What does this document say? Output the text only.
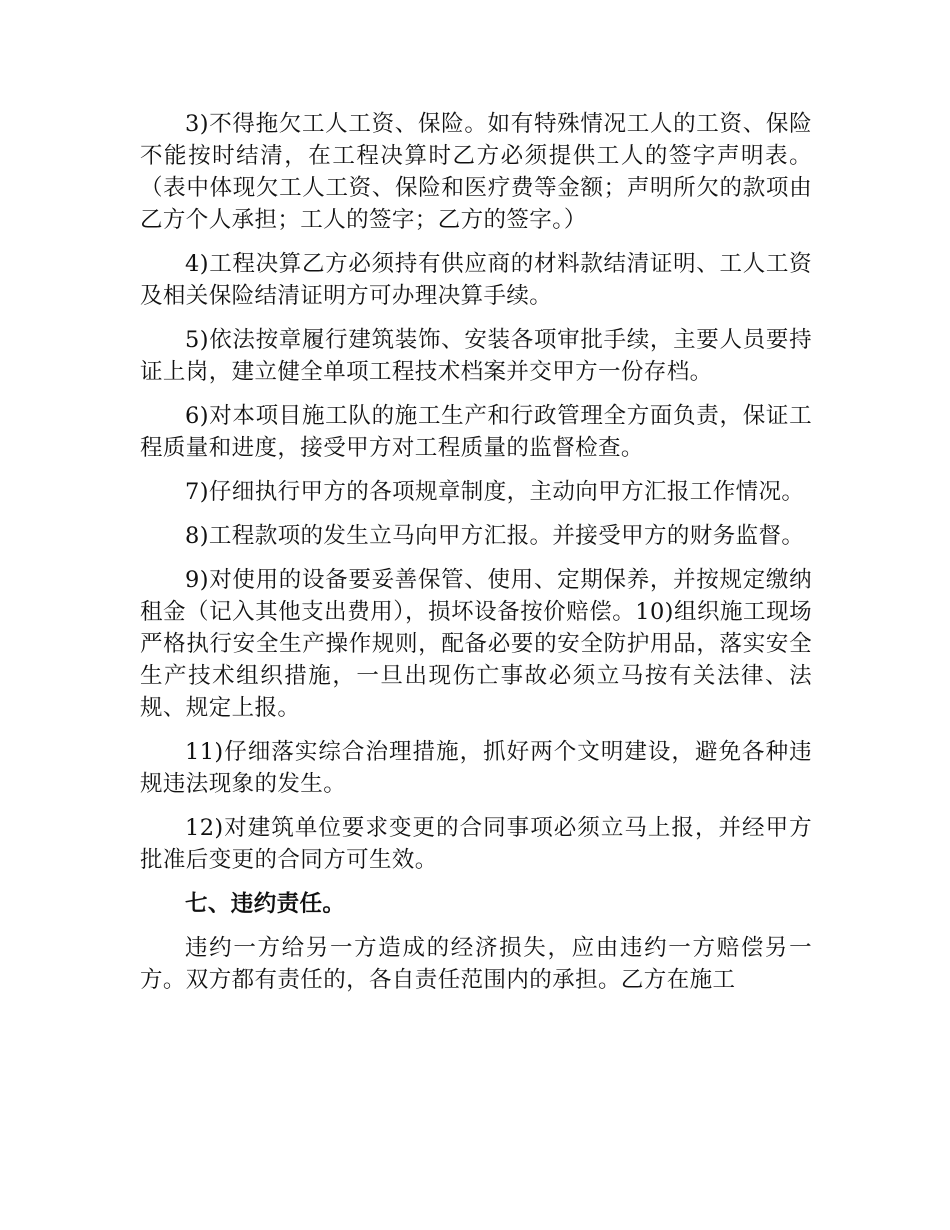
3)不得拖欠工人工资、保险。如有特殊情况工人的工资、保险不能按时结清，在工程决算时乙方必须提供工人的签字声明表。（表中体现欠工人工资、保险和医疗费等金额；声明所欠的款项由乙方个人承担；工人的签字；乙方的签字。）

4)工程决算乙方必须持有供应商的材料款结清证明、工人工资及相关保险结清证明方可办理决算手续。

5)依法按章履行建筑装饰、安装各项审批手续，主要人员要持证上岗，建立健全单项工程技术档案并交甲方一份存档。

6)对本项目施工队的施工生产和行政管理全方面负责，保证工程质量和进度，接受甲方对工程质量的监督检查。

7)仔细执行甲方的各项规章制度，主动向甲方汇报工作情况。

8)工程款项的发生立马向甲方汇报。并接受甲方的财务监督。

9)对使用的设备要妥善保管、使用、定期保养，并按规定缴纳租金（记入其他支出费用），损坏设备按价赔偿。10)组织施工现场严格执行安全生产操作规则，配备必要的安全防护用品，落实安全生产技术组织措施，一旦出现伤亡事故必须立马按有关法律、法规、规定上报。

11)仔细落实综合治理措施，抓好两个文明建设，避免各种违规违法现象的发生。

12)对建筑单位要求变更的合同事项必须立马上报，并经甲方批准后变更的合同方可生效。

七、违约责任。

违约一方给另一方造成的经济损失，应由违约一方赔偿另一方。双方都有责任的，各自责任范围内的承担。乙方在施工
